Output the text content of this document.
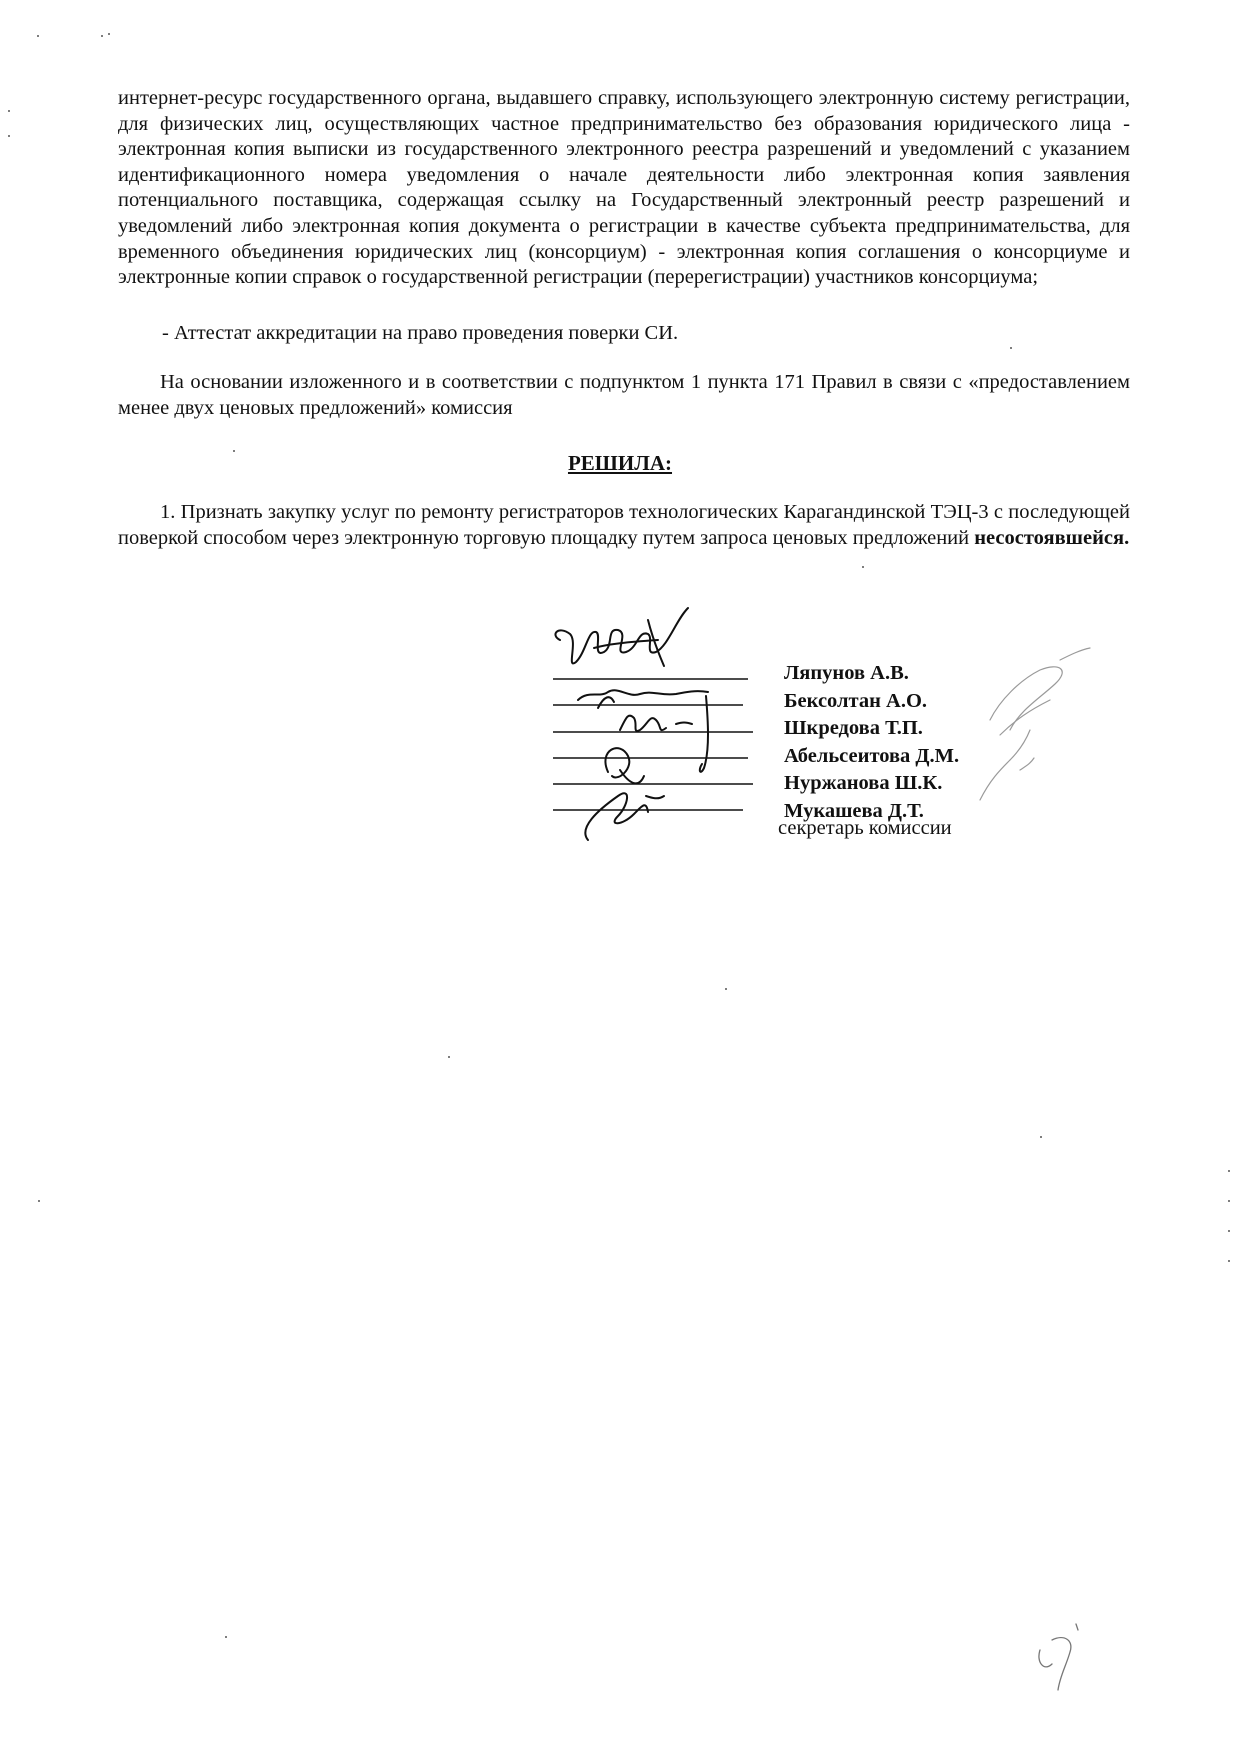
интернет-ресурс государственного органа, выдавшего справку, использующего электронную систему регистрации, для физических лиц, осуществляющих частное предпринимательство без образования юридического лица - электронная копия выписки из государственного электронного реестра разрешений и уведомлений с указанием идентификационного номера уведомления о начале деятельности либо электронная копия заявления потенциального поставщика, содержащая ссылку на Государственный электронный реестр разрешений и уведомлений либо электронная копия документа о регистрации в качестве субъекта предпринимательства, для временного объединения юридических лиц (консорциум) - электронная копия соглашения о консорциуме и электронные копии справок о государственной регистрации (перерегистрации) участников консорциума;
- Аттестат аккредитации на право проведения поверки СИ.
На основании изложенного и в соответствии с подпунктом 1 пункта 171 Правил в связи с «предоставлением менее двух ценовых предложений» комиссия
РЕШИЛА:
1. Признать закупку услуг по ремонту регистраторов технологических Карагандинской ТЭЦ-3 с последующей поверкой способом через электронную торговую площадку путем запроса ценовых предложений несостоявшейся.
Ляпунов А.В.
Бексолтан А.О.
Шкредова Т.П.
Абельсеитова Д.М.
Нуржанова Ш.К.
Мукашева Д.Т.
секретарь комиссии
